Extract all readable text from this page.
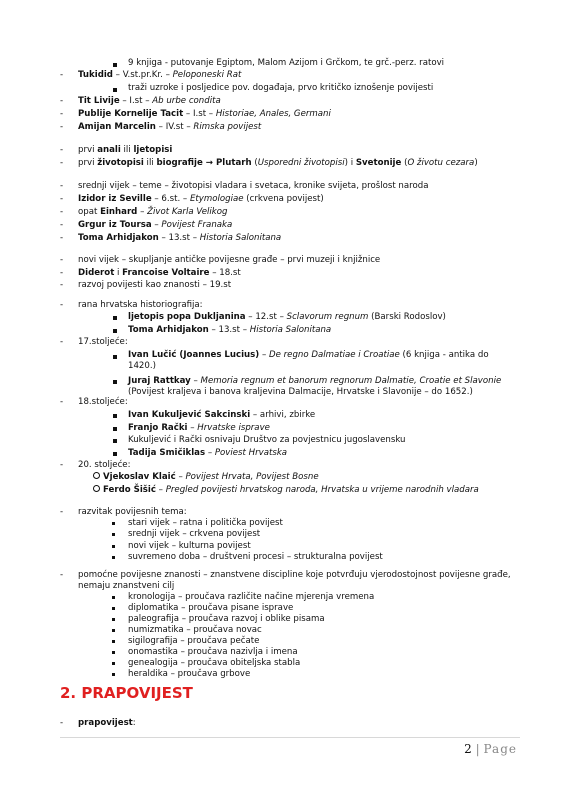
9 knjiga - putovanje Egiptom, Malom Azijom i Grčkom, te grč.-perz. ratovi
-	Tukidid – V.st.pr.Kr. – Peloponeski Rat
traži uzroke i posljedice pov. događaja, prvo kritičko iznošenje povijesti
-	Tit Livije – I.st – Ab urbe condita
-	Publije Kornelije Tacit – I.st – Historiae, Anales, Germani
-	Amijan Marcelin – IV.st – Rimska povijest
-	prvi anali ili ljetopisi
-	prvi životopisi ili biografije → Plutarh (Usporedni životopisi) i Svetonije (O životu cezara)
-	srednji vijek – teme – životopisi vladara i svetaca, kronike svijeta, prošlost naroda
-	Izidor iz Seville – 6.st. – Etymologiae (crkvena povijest)
-	opat Einhard – Život Karla Velikog
-	Grgur iz Toursa – Povijest Franaka
-	Toma Arhidjakon – 13.st – Historia Salonitana
-	novi vijek – skupljanje antičke povijesne građe – prvi muzeji i knjižnice
-	Diderot i Francoise Voltaire – 18.st
-	razvoj povijesti kao znanosti – 19.st
-	rana hrvatska historiografija:
ljetopis popa Dukljanina – 12.st – Sclavorum regnum (Barski Rodoslov)
Toma Arhidjakon – 13.st – Historia Salonitana
-	17.stoljeće:
Ivan Lučić (Joannes Lucius) – De regno Dalmatiae i Croatiae (6 knjiga - antika do
1420.)
Juraj Rattkay – Memoria regnum et banorum regnorum Dalmatie, Croatie et Slavonie
(Povijest kraljeva i banova kraljevina Dalmacije, Hrvatske i Slavonije – do 1652.)
-	18.stoljeće:
Ivan Kukuljević Sakcinski – arhivi, zbirke
Franjo Rački – Hrvatske isprave
Kukuljević i Rački osnivaju Društvo za povjestnicu jugoslavensku
Tadija Smičiklas – Poviest Hrvatska
-	20. stoljeće:
Vjekoslav Klaić – Povijest Hrvata, Povijest Bosne
Ferdo Šišić – Pregled povijesti hrvatskog naroda, Hrvatska u vrijeme narodnih vladara
-	razvitak povijesnih tema:
stari vijek – ratna i politička povijest
srednji vijek – crkvena povijest
novi vijek – kulturna povijest
suvremeno doba – društveni procesi – strukturalna povijest
-	pomoćne povijesne znanosti – znanstvene discipline koje potvrđuju vjerodostojnost povijesne građe,
nemaju znanstveni cilj
kronologija – proučava različite načine mjerenja vremena
diplomatika – proučava pisane isprave
paleografija – proučava razvoj i oblike pisama
numizmatika – proučava novac
sigilografija – proučava pečate
onomastika – proučava nazivlja i imena
genealogija – proučava obiteljska stabla
heraldika – proučava grbove
2. PRAPOVIJEST
-	prapovijest:
2 | Page
